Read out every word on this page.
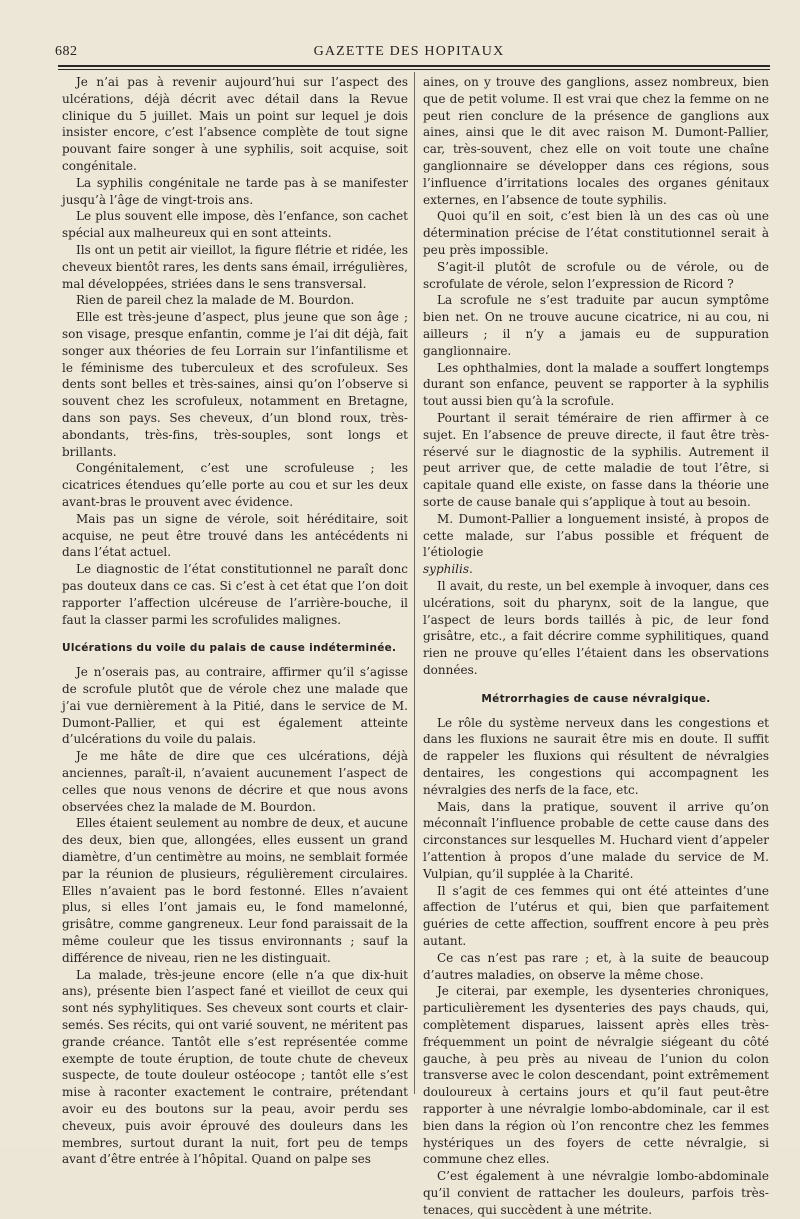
682	GAZETTE DES HOPITAUX

Je n’ai pas à revenir aujourd’hui sur l’aspect des ulcérations, déjà décrit avec détail dans la Revue clinique du 5 juillet. Mais un point sur lequel je dois insister encore, c’est l’absence complète de tout signe pouvant faire songer à une syphilis, soit acquise, soit congénitale.

La syphilis congénitale ne tarde pas à se manifester jusqu’à l’âge de vingt-trois ans.

Le plus souvent elle impose, dès l’enfance, son cachet spécial aux malheureux qui en sont atteints.

Ils ont un petit air vieillot, la figure flétrie et ridée, les cheveux bientôt rares, les dents sans émail, irrégulières, mal développées, striées dans le sens transversal.

Rien de pareil chez la malade de M. Bourdon.

Elle est très-jeune d’aspect, plus jeune que son âge ; son visage, presque enfantin, comme je l’ai dit déjà, fait songer aux théories de feu Lorrain sur l’infantilisme et le féminisme des tuberculeux et des scrofuleux. Ses dents sont belles et très-saines, ainsi qu’on l’observe si souvent chez les scrofuleux, notamment en Bretagne, dans son pays. Ses cheveux, d’un blond roux, très-abondants, très-fins, très-souples, sont longs et brillants.

Congénitalement, c’est une scrofuleuse ; les cicatrices étendues qu’elle porte au cou et sur les deux avant-bras le prouvent avec évidence.

Mais pas un signe de vérole, soit héréditaire, soit acquise, ne peut être trouvé dans les antécédents ni dans l’état actuel.

Le diagnostic de l’état constitutionnel ne paraît donc pas douteux dans ce cas. Si c’est à cet état que l’on doit rapporter l’affection ulcéreuse de l’arrière-bouche, il faut la classer parmi les scrofulides malignes.

Ulcérations du voile du palais de cause indéterminée.

Je n’oserais pas, au contraire, affirmer qu’il s’agisse de scrofule plutôt que de vérole chez une malade que j’ai vue dernièrement à la Pitié, dans le service de M. Dumont-Pallier, et qui est également atteinte d’ulcérations du voile du palais.

Je me hâte de dire que ces ulcérations, déjà anciennes, paraît-il, n’avaient aucunement l’aspect de celles que nous venons de décrire et que nous avons observées chez la malade de M. Bourdon.

Elles étaient seulement au nombre de deux, et aucune des deux, bien que, allongées, elles eussent un grand diamètre, d’un centimètre au moins, ne semblait formée par la réunion de plusieurs, régulièrement circulaires. Elles n’avaient pas le bord festonné. Elles n’avaient plus, si elles l’ont jamais eu, le fond mamelonné, grisâtre, comme gangreneux. Leur fond paraissait de la même couleur que les tissus environnants ; sauf la différence de niveau, rien ne les distinguait.

La malade, très-jeune encore (elle n’a que dix-huit ans), présente bien l’aspect fané et vieillot de ceux qui sont nés syphylitiques. Ses cheveux sont courts et clair-semés. Ses récits, qui ont varié souvent, ne méritent pas grande créance. Tantôt elle s’est représentée comme exempte de toute éruption, de toute chute de cheveux suspecte, de toute douleur ostéocope ; tantôt elle s’est mise à raconter exactement le contraire, prétendant avoir eu des boutons sur la peau, avoir perdu ses cheveux, puis avoir éprouvé des douleurs dans les membres, surtout durant la nuit, fort peu de temps avant d’être entrée à l’hôpital. Quand on palpe ses

aines, on y trouve des ganglions, assez nombreux, bien que de petit volume. Il est vrai que chez la femme on ne peut rien conclure de la présence de ganglions aux aines, ainsi que le dit avec raison M. Dumont-Pallier, car, très-souvent, chez elle on voit toute une chaîne ganglionnaire se développer dans ces régions, sous l’influence d’irritations locales des organes génitaux externes, en l’absence de toute syphilis.

Quoi qu’il en soit, c’est bien là un des cas où une détermination précise de l’état constitutionnel serait à peu près impossible.

S’agit-il plutôt de scrofule ou de vérole, ou de scrofulate de vérole, selon l’expression de Ricord ?

La scrofule ne s’est traduite par aucun symptôme bien net. On ne trouve aucune cicatrice, ni au cou, ni ailleurs ; il n’y a jamais eu de suppuration ganglionnaire.

Les ophthalmies, dont la malade a souffert longtemps durant son enfance, peuvent se rapporter à la syphilis tout aussi bien qu’à la scrofule.

Pourtant il serait téméraire de rien affirmer à ce sujet. En l’absence de preuve directe, il faut être très-réservé sur le diagnostic de la syphilis. Autrement il peut arriver que, de cette maladie de tout l’être, si capitale quand elle existe, on fasse dans la théorie une sorte de cause banale qui s’applique à tout au besoin.

M. Dumont-Pallier a longuement insisté, à propos de cette malade, sur l’abus possible et fréquent de l’étiologie

syphilis.

Il avait, du reste, un bel exemple à invoquer, dans ces ulcérations, soit du pharynx, soit de la langue, que l’aspect de leurs bords taillés à pic, de leur fond grisâtre, etc., a fait décrire comme syphilitiques, quand rien ne prouve qu’elles l’étaient dans les observations données.

Métrorrhagies de cause névralgique.

Le rôle du système nerveux dans les congestions et dans les fluxions ne saurait être mis en doute. Il suffit de rappeler les fluxions qui résultent de névralgies dentaires, les congestions qui accompagnent les névralgies des nerfs de la face, etc.

Mais, dans la pratique, souvent il arrive qu’on méconnaît l’influence probable de cette cause dans des circonstances sur lesquelles M. Huchard vient d’appeler l’attention à propos d’une malade du service de M. Vulpian, qu’il supplée à la Charité.

Il s’agit de ces femmes qui ont été atteintes d’une affection de l’utérus et qui, bien que parfaitement guéries de cette affection, souffrent encore à peu près autant.

Ce cas n’est pas rare ; et, à la suite de beaucoup d’autres maladies, on observe la même chose.

Je citerai, par exemple, les dysenteries chroniques, particulièrement les dysenteries des pays chauds, qui, complètement disparues, laissent après elles très-fréquemment un point de névralgie siégeant du côté gauche, à peu près au niveau de l’union du colon transverse avec le colon descendant, point extrêmement douloureux à certains jours et qu’il faut peut-être rapporter à une névralgie lombo-abdominale, car il est bien dans la région où l’on rencontre chez les femmes hystériques un des foyers de cette névralgie, si commune chez elles.

C’est également à une névralgie lombo-abdominale qu’il convient de rattacher les douleurs, parfois très-tenaces, qui succèdent à une métrite.
